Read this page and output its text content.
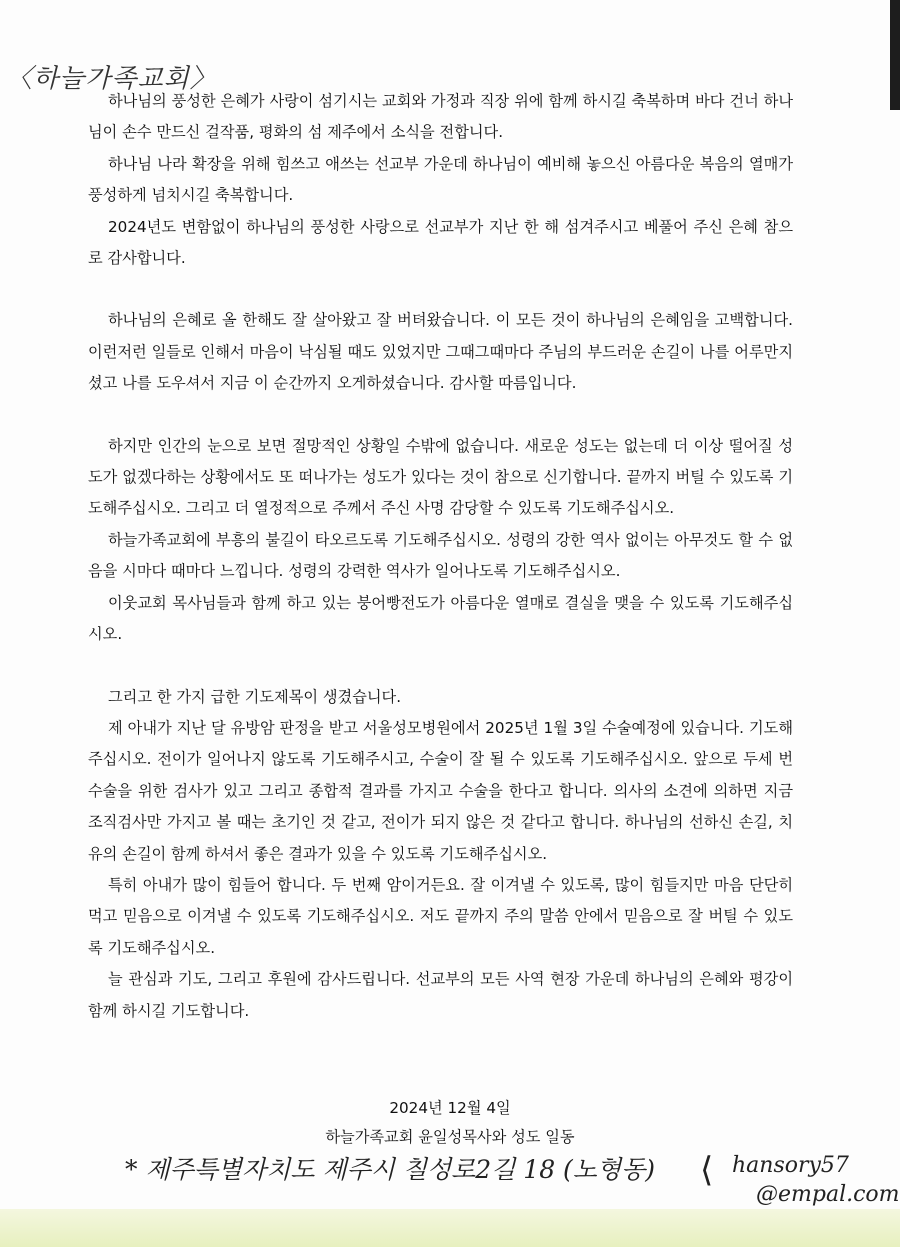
〈하늘가족교회〉

하나님의 풍성한 은혜가 사랑이 섬기시는 교회와 가정과 직장 위에 함께 하시길 축복하며 바다 건너 하나님이 손수 만드신 걸작품, 평화의 섬 제주에서 소식을 전합니다.

하나님 나라 확장을 위해 힘쓰고 애쓰는 선교부 가운데 하나님이 예비해 놓으신 아름다운 복음의 열매가 풍성하게 넘치시길 축복합니다.

2024년도 변함없이 하나님의 풍성한 사랑으로 선교부가 지난 한 해 섬겨주시고 베풀어 주신 은혜 참으로 감사합니다.

하나님의 은혜로 올 한해도 잘 살아왔고 잘 버텨왔습니다. 이 모든 것이 하나님의 은혜임을 고백합니다. 이런저런 일들로 인해서 마음이 낙심될 때도 있었지만 그때그때마다 주님의 부드러운 손길이 나를 어루만지셨고 나를 도우셔서 지금 이 순간까지 오게하셨습니다. 감사할 따름입니다.

하지만 인간의 눈으로 보면 절망적인 상황일 수밖에 없습니다. 새로운 성도는 없는데 더 이상 떨어질 성도가 없겠다하는 상황에서도 또 떠나가는 성도가 있다는 것이 참으로 신기합니다. 끝까지 버틸 수 있도록 기도해주십시오. 그리고 더 열정적으로 주께서 주신 사명 감당할 수 있도록 기도해주십시오.

하늘가족교회에 부흥의 불길이 타오르도록 기도해주십시오. 성령의 강한 역사 없이는 아무것도 할 수 없음을 시마다 때마다 느낍니다. 성령의 강력한 역사가 일어나도록 기도해주십시오.

이웃교회 목사님들과 함께 하고 있는 붕어빵전도가 아름다운 열매로 결실을 맺을 수 있도록 기도해주십시오.

그리고 한 가지 급한 기도제목이 생겼습니다.

제 아내가 지난 달 유방암 판정을 받고 서울성모병원에서 2025년 1월 3일 수술예정에 있습니다. 기도해주십시오. 전이가 일어나지 않도록 기도해주시고, 수술이 잘 될 수 있도록 기도해주십시오. 앞으로 두세 번 수술을 위한 검사가 있고 그리고 종합적 결과를 가지고 수술을 한다고 합니다. 의사의 소견에 의하면 지금 조직검사만 가지고 볼 때는 초기인 것 같고, 전이가 되지 않은 것 같다고 합니다. 하나님의 선하신 손길, 치유의 손길이 함께 하셔서 좋은 결과가 있을 수 있도록 기도해주십시오.

특히 아내가 많이 힘들어 합니다. 두 번째 암이거든요. 잘 이겨낼 수 있도록, 많이 힘들지만 마음 단단히 먹고 믿음으로 이겨낼 수 있도록 기도해주십시오. 저도 끝까지 주의 말씀 안에서 믿음으로 잘 버틸 수 있도록 기도해주십시오.

늘 관심과 기도, 그리고 후원에 감사드립니다. 선교부의 모든 사역 현장 가운데 하나님의 은혜와 평강이 함께 하시길 기도합니다.

2024년 12월 4일
하늘가족교회 윤일성목사와 성도 일동
* 제주특별자치도 제주시 칠성로2길 18 (노형동) ⟨ hansory57
@empal.com
